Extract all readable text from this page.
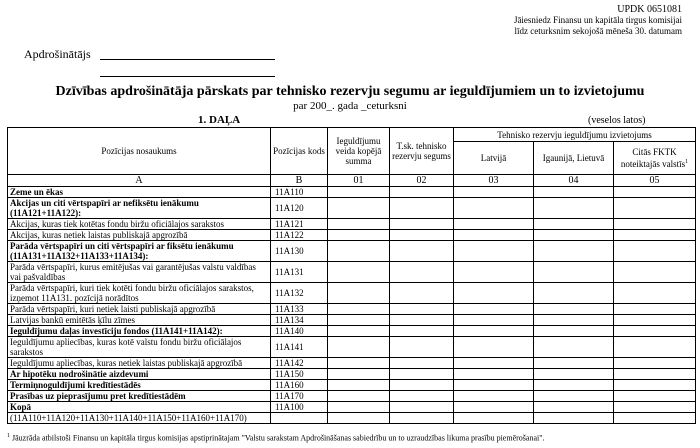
UPDK 0651081
Jāiesniedz Finansu un kapitāla tirgus komisijai
līdz ceturksnim sekojošā mēneša 30. datumam
Apdrošinātājs
Dzīvības apdrošinātāja pārskats par tehnisko rezervju segumu ar ieguldījumiem un to izvietojumu
par 200_. gada _ceturksni
1. DAĻA	(veselos latos)
Pozīcijas nosaukums	Pozīcijas kods	Ieguldījumu veida kopējā summa	T.sk. tehnisko rezervju segums	Tehnisko rezervju ieguldījumu izvietojums		
				Latvijā	Igaunijā, Lietuvā	Citās FKTK noteiktajās valstīs$^1$
A	B	01	02	03	04	05
Zeme un ēkas	11A110					
Akcijas un citi vērtspapīri ar nefiksētu ienākumu (11A121+11A122):	11A120					
Akcijas, kuras tiek kotētas fondu biržu oficiālajos sarakstos	11A121					
Akcijas, kuras netiek laistas publiskajā apgrozībā	11A122					
Parāda vērtspapīri un citi vērtspapīri ar fiksētu ienākumu (11A131+11A132+11A133+11A134):	11A130					
Parāda vērtspapīri, kurus emitējušas vai garantējušas valstu valdības vai pašvaldības	11A131					
Parāda vērtspapīri, kuri tiek kotēti fondu biržu oficiālajos sarakstos, izņemot 11A131. pozīcijā norādītos	11A132					
Parāda vērtspapīri, kuri netiek laisti publiskajā apgrozībā	11A133					
Latvijas bankū emitētās ķīlu zīmes	11A134					
Ieguldījumu daļas investīciju fondos (11A141+11A142):	11A140					
Ieguldījumu apliecības, kuras kotē valstu fondu biržu oficiālajos sarakstos	11A141					
Ieguldījumu apliecības, kuras netiek laistas publiskajā apgrozībā	11A142					
Ar hipotēku nodrošinātie aizdevumi	11A150					
Termiņnoguldījumi kredītiestādēs	11A160					
Prasības uz pieprasījumu pret kredītiestādēm	11A170					
Kopā	11A100					
(11A110+11A120+11A130+11A140+11A150+11A160+11A170)						
$^1$ Jāuzrāda atbilstoši Finansu un kapitāla tirgus komisijas apstiprinātajam "Valstu sarakstam Apdrošināšanas sabiedrību un to uzraudzības likuma prasību piemērošanai".
